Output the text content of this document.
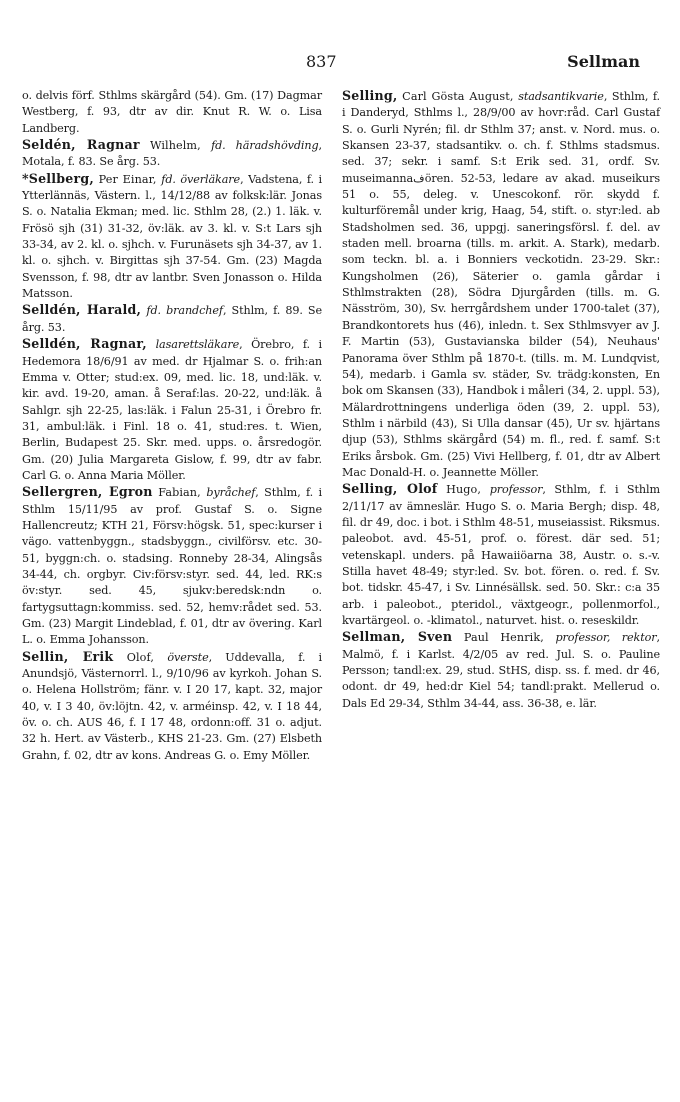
837	Sellman

o. delvis förf. Sthlms skärgård (54). Gm. (17) Dagmar Westberg, f. 93, dtr av dir. Knut R. W. o. Lisa Landberg.

Seldén, Ragnar Wilhelm, fd. häradshövding, Motala, f. 83. Se årg. 53.

*Sellberg, Per Einar, fd. överläkare, Vadstena, f. i Ytterlännäs, Västern. l., 14/12/88 av folksk:lär. Jonas S. o. Natalia Ekman; med. lic. Sthlm 28, (2.) 1. läk. v. Frösö sjh (31) 31-32, öv:läk. av 3. kl. v. S:t Lars sjh 33-34, av 2. kl. o. sjhch. v. Furunäsets sjh 34-37, av 1. kl. o. sjhch. v. Birgittas sjh 37-54. Gm. (23) Magda Svensson, f. 98, dtr av lantbr. Sven Jonasson o. Hilda Matsson.

Selldén, Harald, fd. brandchef, Sthlm, f. 89. Se årg. 53.

Selldén, Ragnar, lasarettsläkare, Örebro, f. i Hedemora 18/6/91 av med. dr Hjalmar S. o. frih:an Emma v. Otter; stud:ex. 09, med. lic. 18, und:läk. v. kir. avd. 19-20, aman. å Seraf:las. 20-22, und:läk. å Sahlgr. sjh 22-25, las:läk. i Falun 25-31, i Örebro fr. 31, ambul:läk. i Finl. 18 o. 41, stud:res. t. Wien, Berlin, Budapest 25. Skr. med. upps. o. årsredogör. Gm. (20) Julia Margareta Gislow, f. 99, dtr av fabr. Carl G. o. Anna Maria Möller.

Sellergren, Egron Fabian, byråchef, Sthlm, f. i Sthlm 15/11/95 av prof. Gustaf S. o. Signe Hallencreutz; KTH 21, Försv:högsk. 51, spec:kurser i vägo. vattenbyggn., stadsbyggn., civilförsv. etc. 30-51, byggn:ch. o. stadsing. Ronneby 28-34, Alingsås 34-44, ch. orgbyr. Civ:försv:styr. sed. 44, led. RK:s öv:styr. sed. 45, sjukv:beredsk:ndn o. fartygsuttagn:kommiss. sed. 52, hemv:rådet sed. 53. Gm. (23) Margit Lindeblad, f. 01, dtr av övering. Karl L. o. Emma Johansson.

Sellin, Erik Olof, överste, Uddevalla, f. i Anundsjö, Västernorrl. l., 9/10/96 av kyrkoh. Johan S. o. Helena Hollström; fänr. v. I 20 17, kapt. 32, major 40, v. I 3 40, öv:löjtn. 42, v. arméinsp. 42, v. I 18 44, öv. o. ch. AUS 46, f. I 17 48, ordonn:off. 31 o. adjut. 32 h. Hert. av Västerb., KHS 21-23. Gm. (27) Elsbeth Grahn, f. 02, dtr av kons. Andreas G. o. Emy Möller.

Selling, Carl Gösta August, stadsantikvarie, Sthlm, f. i Danderyd, Sthlms l., 28/9/00 av hovr:råd. Carl Gustaf S. o. Gurli Nyrén; fil. dr Sthlm 37; anst. v. Nord. mus. o. Skansen 23-37, stadsantikv. o. ch. f. Sthlms stadsmus. sed. 37; sekr. i samf. S:t Erik sed. 31, ordf. Sv. museimannaفören. 52-53, ledare av akad. museikurs 51 o. 55, deleg. v. Unescokonf. rör. skydd f. kulturföremål under krig, Haag, 54, stift. o. styr:led. ab Stadsholmen sed. 36, uppgj. saneringsförsl. f. del. av staden mell. broarna (tills. m. arkit. A. Stark), medarb. som teckn. bl. a. i Bonniers veckotidn. 23-29. Skr.: Kungsholmen (26), Säterier o. gamla gårdar i Sthlmstrakten (28), Södra Djurgården (tills. m. G. Näsström, 30), Sv. herrgårdshem under 1700-talet (37), Brandkontorets hus (46), inledn. t. Sex Sthlmsvyer av J. F. Martin (53), Gustavianska bilder (54), Neuhaus' Panorama över Sthlm på 1870-t. (tills. m. M. Lundqvist, 54), medarb. i Gamla sv. städer, Sv. trädg:konsten, En bok om Skansen (33), Handbok i måleri (34, 2. uppl. 53), Mälardrottningens underliga öden (39, 2. uppl. 53), Sthlm i närbild (43), Si Ulla dansar (45), Ur sv. hjärtans djup (53), Sthlms skärgård (54) m. fl., red. f. samf. S:t Eriks årsbok. Gm. (25) Vivi Hellberg, f. 01, dtr av Albert Mac Donald-H. o. Jeannette Möller.

Selling, Olof Hugo, professor, Sthlm, f. i Sthlm 2/11/17 av ämneslär. Hugo S. o. Maria Bergh; disp. 48, fil. dr 49, doc. i bot. i Sthlm 48-51, museiassist. Riksmus. paleobot. avd. 45-51, prof. o. förest. där sed. 51; vetenskapl. unders. på Hawaiiöarna 38, Austr. o. s.-v. Stilla havet 48-49; styr:led. Sv. bot. fören. o. red. f. Sv. bot. tidskr. 45-47, i Sv. Linnésällsk. sed. 50. Skr.: c:a 35 arb. i paleobot., pteridol., växtgeogr., pollenmorfol., kvartärgeol. o. -klimatol., naturvet. hist. o. reseskildr.

Sellman, Sven Paul Henrik, professor, rektor, Malmö, f. i Karlst. 4/2/05 av red. Jul. S. o. Pauline Persson; tandl:ex. 29, stud. StHS, disp. ss. f. med. dr 46, odont. dr 49, hed:dr Kiel 54; tandl:prakt. Mellerud o. Dals Ed 29-34, Sthlm 34-44, ass. 36-38, e. lär.
